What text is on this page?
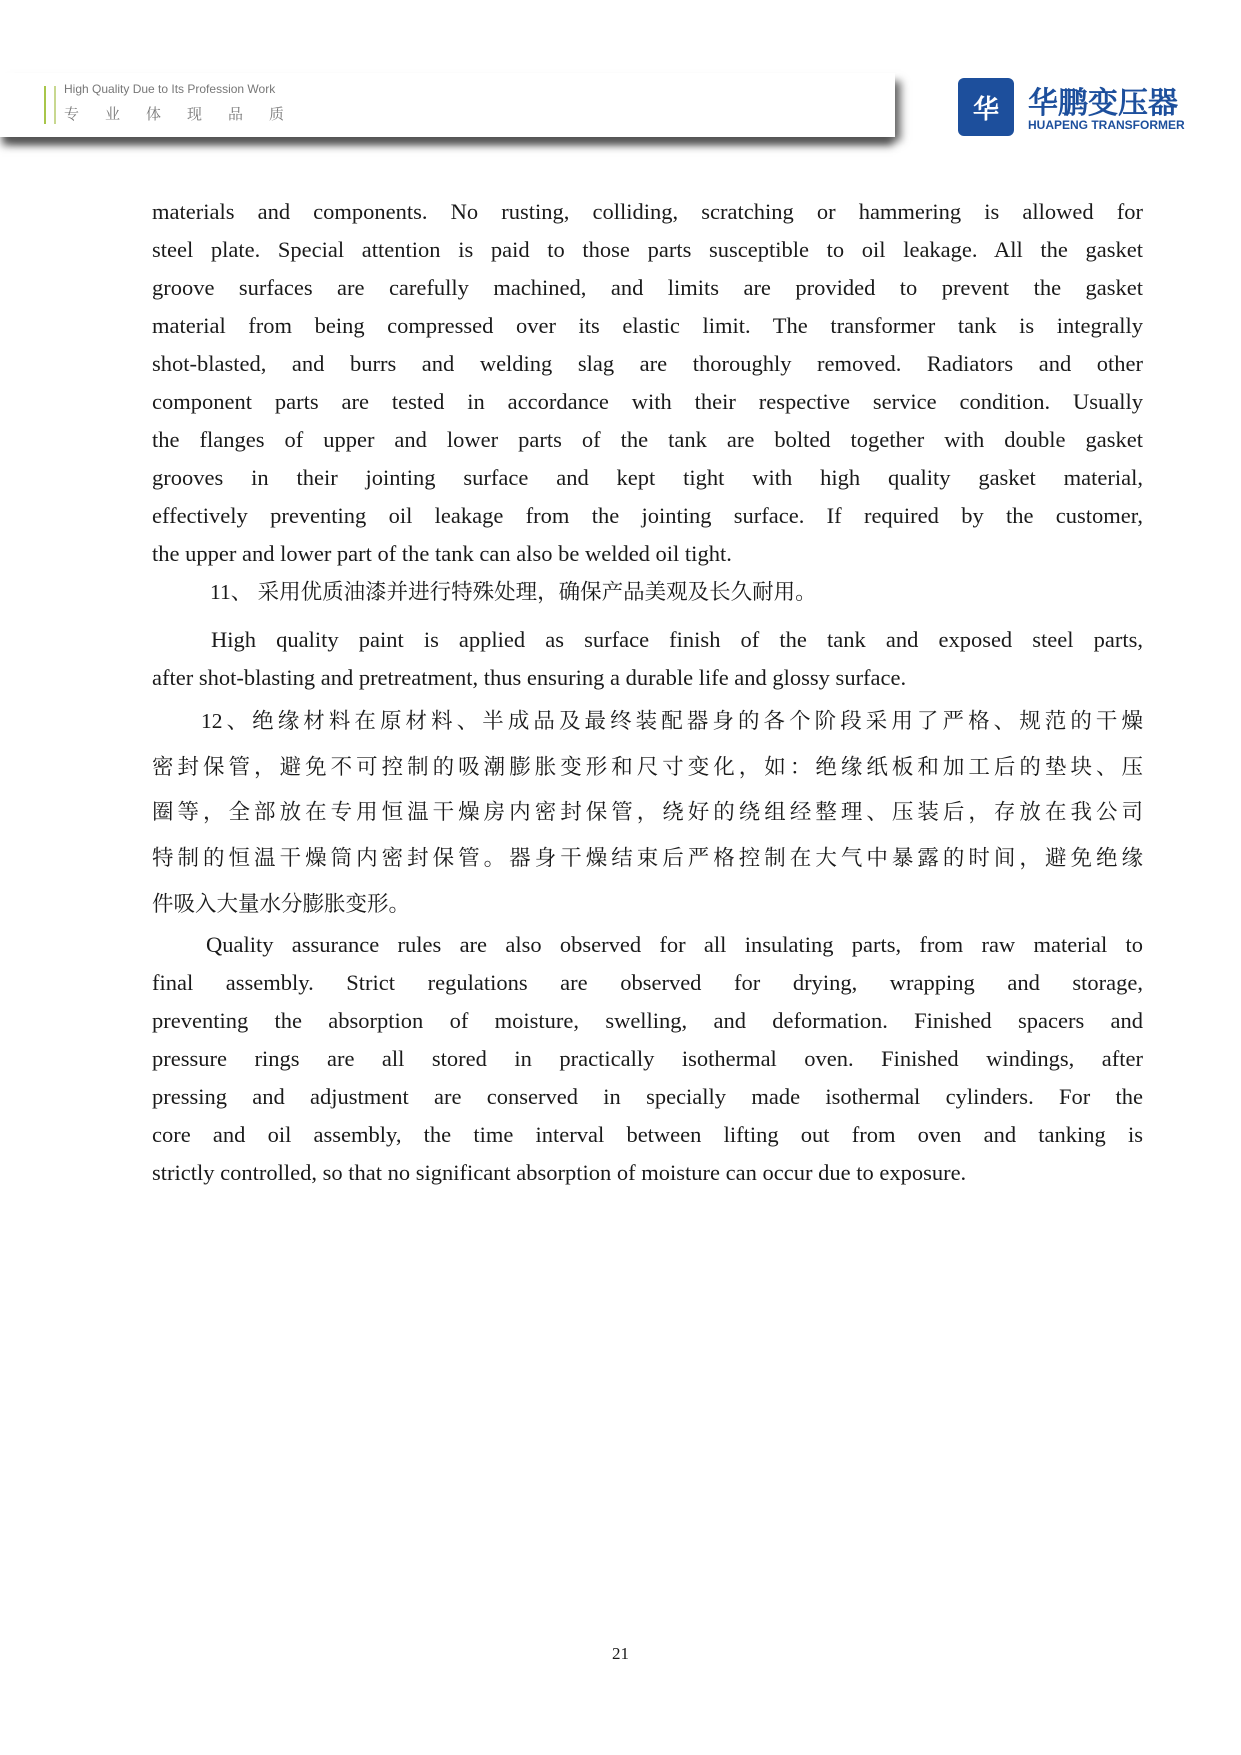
High Quality Due to Its Profession Work
专业体现品质	华 华鹏变压器
HUAPENG TRANSFORMER
materials and components. No rusting, colliding, scratching or hammering is allowed for
steel plate. Special attention is paid to those parts susceptible to oil leakage. All the gasket
groove surfaces are carefully machined, and limits are provided to prevent the gasket
material from being compressed over its elastic limit. The transformer tank is integrally
shot-blasted, and burrs and welding slag are thoroughly removed. Radiators and other
component parts are tested in accordance with their respective service condition. Usually
the flanges of upper and lower parts of the tank are bolted together with double gasket
grooves in their jointing surface and kept tight with high quality gasket material,
effectively preventing oil leakage from the jointing surface. If required by the customer,
the upper and lower part of the tank can also be welded oil tight.
11、 采用优质油漆并进行特殊处理，确保产品美观及长久耐用。
High quality paint is applied as surface finish of the tank and exposed steel parts,
after shot-blasting and pretreatment, thus ensuring a durable life and glossy surface.
12、绝缘材料在原材料、半成品及最终装配器身的各个阶段采用了严格、规范的干燥
密封保管，避免不可控制的吸潮膨胀变形和尺寸变化，如：绝缘纸板和加工后的垫块、压
圈等，全部放在专用恒温干燥房内密封保管，绕好的绕组经整理、压装后，存放在我公司
特制的恒温干燥筒内密封保管。器身干燥结束后严格控制在大气中暴露的时间，避免绝缘
件吸入大量水分膨胀变形。
Quality assurance rules are also observed for all insulating parts, from raw material to
final assembly. Strict regulations are observed for drying, wrapping and storage,
preventing the absorption of moisture, swelling, and deformation. Finished spacers and
pressure rings are all stored in practically isothermal oven. Finished windings, after
pressing and adjustment are conserved in specially made isothermal cylinders. For the
core and oil assembly, the time interval between lifting out from oven and tanking is
strictly controlled, so that no significant absorption of moisture can occur due to exposure.
21
